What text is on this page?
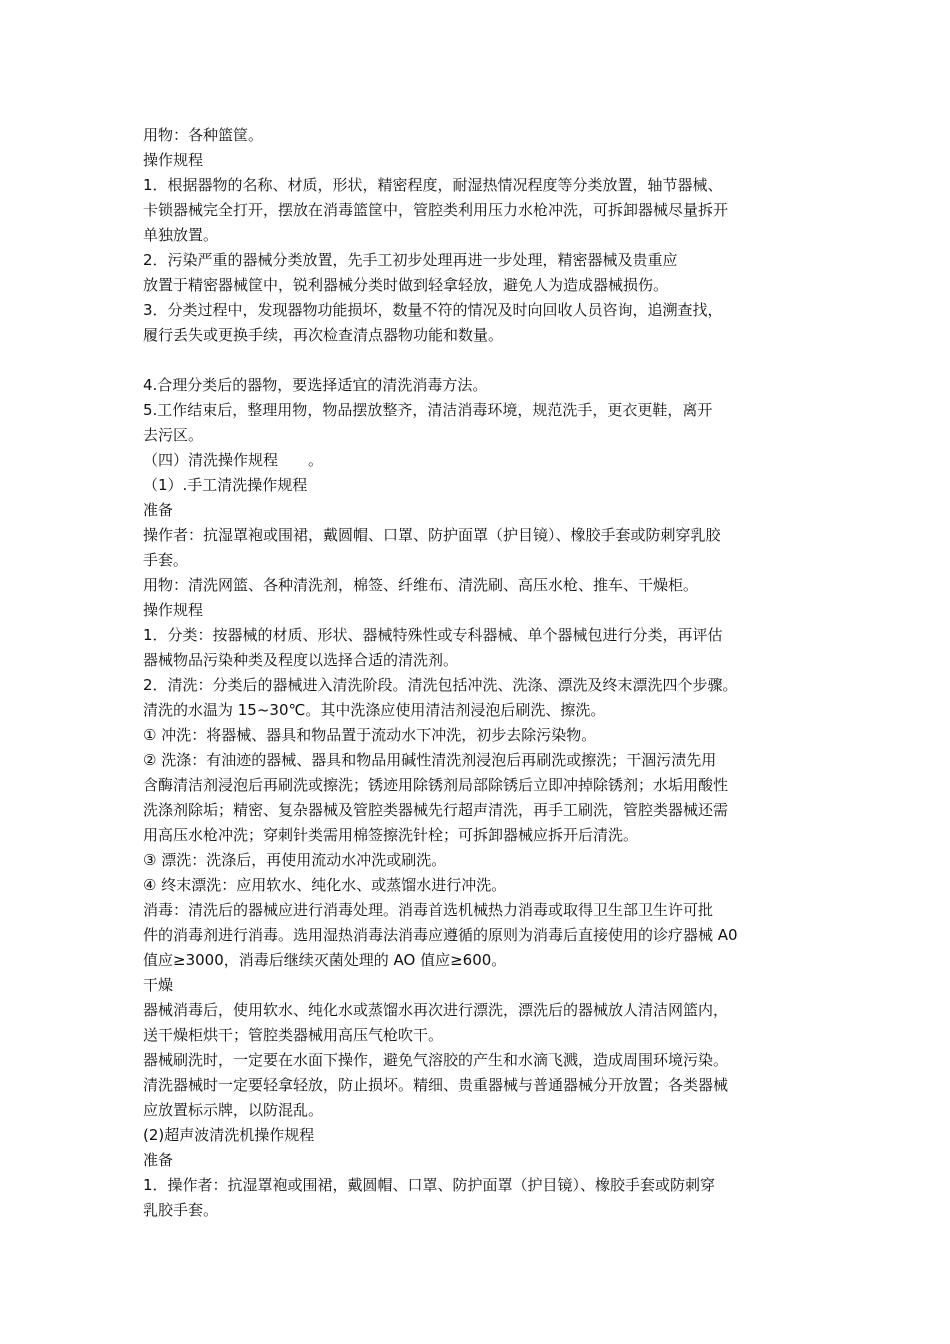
用物：各种篮筐。
操作规程
1．根据器物的名称、材质，形状，精密程度，耐湿热情况程度等分类放置，轴节器械、
卡锁器械完全打开，摆放在消毒篮筐中，管腔类利用压力水枪冲洗，可拆卸器械尽量拆开
单独放置。
2．污染严重的器械分类放置，先手工初步处理再进一步处理，精密器械及贵重应
放置于精密器械筐中，锐利器械分类时做到轻拿轻放，避免人为造成器械损伤。
3．分类过程中，发现器物功能损坏，数量不符的情况及时向回收人员咨询，追溯查找，
履行丢失或更换手续，再次检查清点器物功能和数量。
4.合理分类后的器物，要选择适宜的清洗消毒方法。
5.工作结束后，整理用物，物品摆放整齐，清洁消毒环境，规范洗手，更衣更鞋，离开
去污区。
（四）清洗操作规程　　。
（1）.手工清洗操作规程
准备
操作者：抗湿罩袍或围裙，戴圆帽、口罩、防护面罩（护目镜）、橡胶手套或防刺穿乳胶
手套。
用物：清洗网篮、各种清洗剂，棉签、纤维布、清洗刷、高压水枪、推车、干燥柜。
操作规程
1．分类：按器械的材质、形状、器械特殊性或专科器械、单个器械包进行分类，再评估
器械物品污染种类及程度以选择合适的清洗剂。
2．清洗：分类后的器械进入清洗阶段。清洗包括冲洗、洗涤、漂洗及终末漂洗四个步骤。
清洗的水温为 15~30℃。其中洗涤应使用清洁剂浸泡后刷洗、擦洗。
① 冲洗：将器械、器具和物品置于流动水下冲洗，初步去除污染物。
② 洗涤：有油迹的器械、器具和物品用碱性清洗剂浸泡后再刷洗或擦洗；干涸污渍先用
含酶清洁剂浸泡后再刷洗或擦洗；锈迹用除锈剂局部除锈后立即冲掉除锈剂；水垢用酸性
洗涤剂除垢；精密、复杂器械及管腔类器械先行超声清洗，再手工刷洗，管腔类器械还需
用高压水枪冲洗；穿刺针类需用棉签擦洗针栓；可拆卸器械应拆开后清洗。
③ 漂洗：洗涤后，再使用流动水冲洗或刷洗。
④ 终末漂洗：应用软水、纯化水、或蒸馏水进行冲洗。
消毒：清洗后的器械应进行消毒处理。消毒首选机械热力消毒或取得卫生部卫生许可批
件的消毒剂进行消毒。选用湿热消毒法消毒应遵循的原则为消毒后直接使用的诊疗器械 A0
值应≥3000，消毒后继续灭菌处理的 AO 值应≥600。
干燥
器械消毒后，使用软水、纯化水或蒸馏水再次进行漂洗，漂洗后的器械放人清洁网篮内，
送干燥柜烘干；管腔类器械用高压气枪吹干。
器械刷洗时，一定要在水面下操作，避免气溶胶的产生和水滴飞溅，造成周围环境污染。
清洗器械时一定要轻拿轻放，防止损坏。精细、贵重器械与普通器械分开放置；各类器械
应放置标示牌，以防混乱。
(2)超声波清洗机操作规程
准备
1．操作者：抗湿罩袍或围裙，戴圆帽、口罩、防护面罩（护目镜）、橡胶手套或防刺穿
乳胶手套。
